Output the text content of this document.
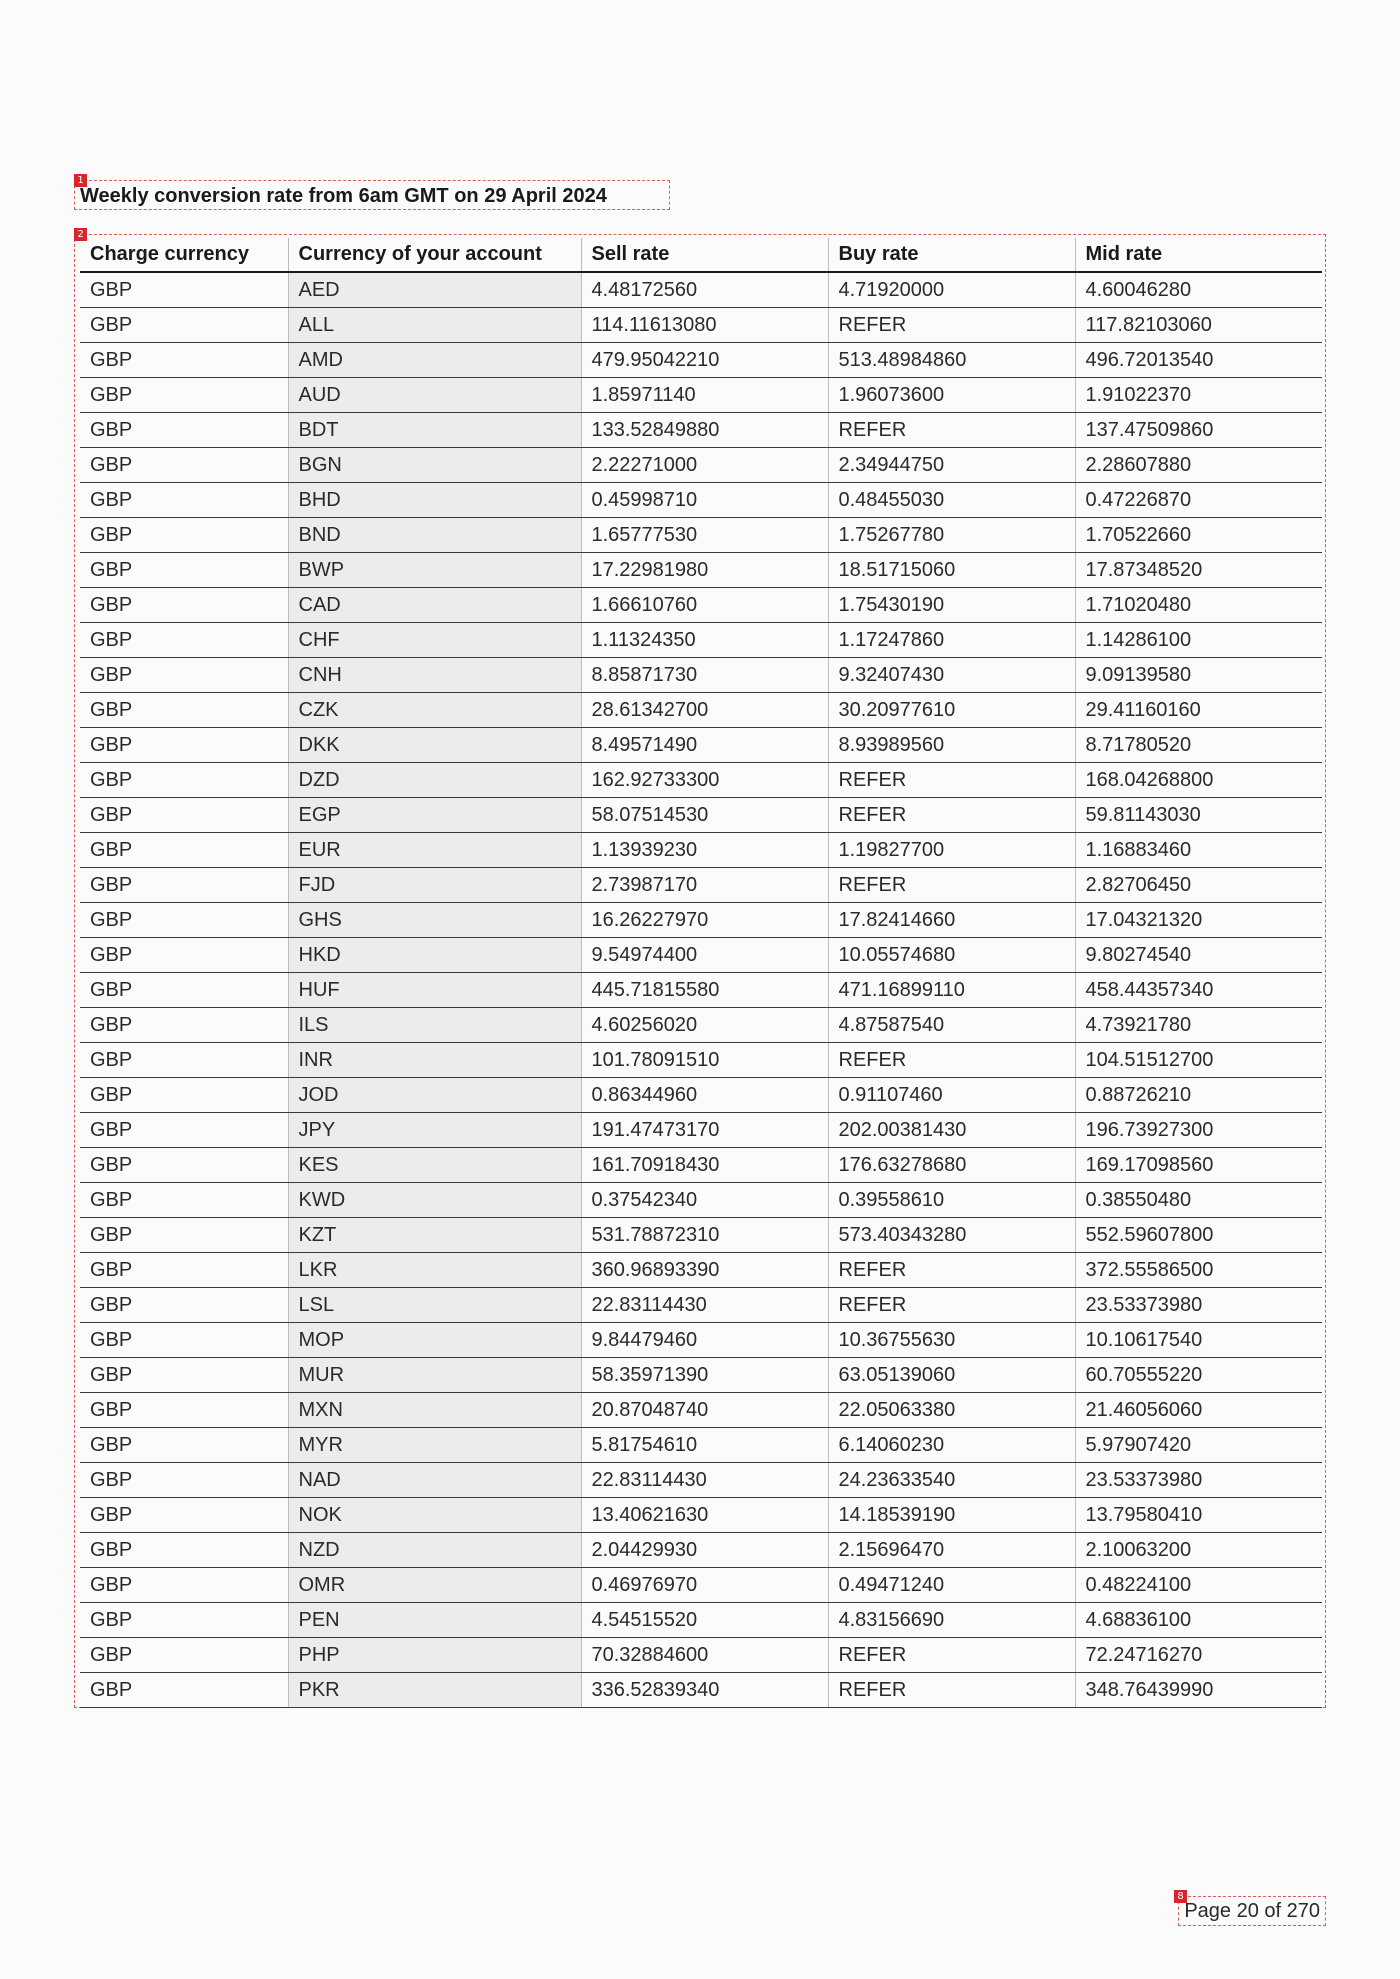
1
Weekly conversion rate from 6am GMT on 29 April 2024
2
Charge currency	Currency of your account	Sell rate	Buy rate	Mid rate
GBP	AED	4.48172560	4.71920000	4.60046280
GBP	ALL	114.11613080	REFER	117.82103060
GBP	AMD	479.95042210	513.48984860	496.72013540
GBP	AUD	1.85971140	1.96073600	1.91022370
GBP	BDT	133.52849880	REFER	137.47509860
GBP	BGN	2.22271000	2.34944750	2.28607880
GBP	BHD	0.45998710	0.48455030	0.47226870
GBP	BND	1.65777530	1.75267780	1.70522660
GBP	BWP	17.22981980	18.51715060	17.87348520
GBP	CAD	1.66610760	1.75430190	1.71020480
GBP	CHF	1.11324350	1.17247860	1.14286100
GBP	CNH	8.85871730	9.32407430	9.09139580
GBP	CZK	28.61342700	30.20977610	29.41160160
GBP	DKK	8.49571490	8.93989560	8.71780520
GBP	DZD	162.92733300	REFER	168.04268800
GBP	EGP	58.07514530	REFER	59.81143030
GBP	EUR	1.13939230	1.19827700	1.16883460
GBP	FJD	2.73987170	REFER	2.82706450
GBP	GHS	16.26227970	17.82414660	17.04321320
GBP	HKD	9.54974400	10.05574680	9.80274540
GBP	HUF	445.71815580	471.16899110	458.44357340
GBP	ILS	4.60256020	4.87587540	4.73921780
GBP	INR	101.78091510	REFER	104.51512700
GBP	JOD	0.86344960	0.91107460	0.88726210
GBP	JPY	191.47473170	202.00381430	196.73927300
GBP	KES	161.70918430	176.63278680	169.17098560
GBP	KWD	0.37542340	0.39558610	0.38550480
GBP	KZT	531.78872310	573.40343280	552.59607800
GBP	LKR	360.96893390	REFER	372.55586500
GBP	LSL	22.83114430	REFER	23.53373980
GBP	MOP	9.84479460	10.36755630	10.10617540
GBP	MUR	58.35971390	63.05139060	60.70555220
GBP	MXN	20.87048740	22.05063380	21.46056060
GBP	MYR	5.81754610	6.14060230	5.97907420
GBP	NAD	22.83114430	24.23633540	23.53373980
GBP	NOK	13.40621630	14.18539190	13.79580410
GBP	NZD	2.04429930	2.15696470	2.10063200
GBP	OMR	0.46976970	0.49471240	0.48224100
GBP	PEN	4.54515520	4.83156690	4.68836100
GBP	PHP	70.32884600	REFER	72.24716270
GBP	PKR	336.52839340	REFER	348.76439990
8
Page 20 of 270
